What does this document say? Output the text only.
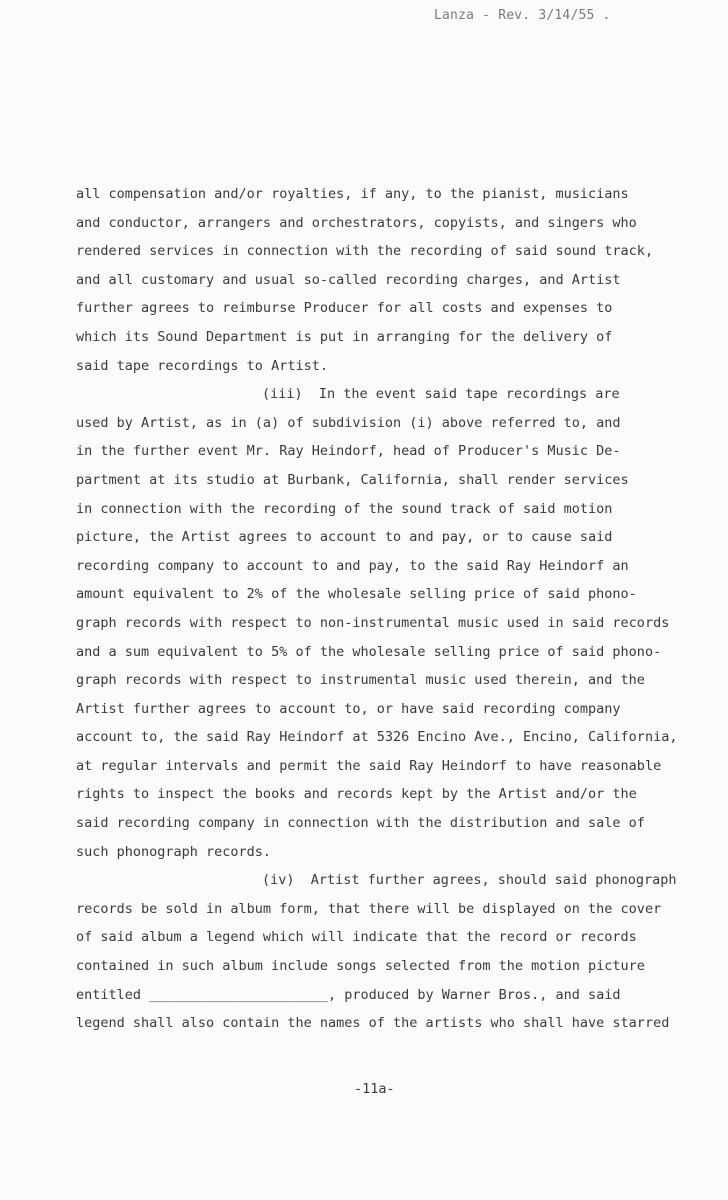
Lanza - Rev. 3/14/55 .
all compensation and/or royalties, if any, to the pianist, musicians
and conductor, arrangers and orchestrators, copyists, and singers who
rendered services in connection with the recording of said sound track,
and all customary and usual so-called recording charges, and Artist
further agrees to reimburse Producer for all costs and expenses to
which its Sound Department is put in arranging for the delivery of
said tape recordings to Artist.
(iii)  In the event said tape recordings are
used by Artist, as in (a) of subdivision (i) above referred to, and
in the further event Mr. Ray Heindorf, head of Producer's Music De-
partment at its studio at Burbank, California, shall render services
in connection with the recording of the sound track of said motion
picture, the Artist agrees to account to and pay, or to cause said
recording company to account to and pay, to the said Ray Heindorf an
amount equivalent to 2% of the wholesale selling price of said phono-
graph records with respect to non-instrumental music used in said records
and a sum equivalent to 5% of the wholesale selling price of said phono-
graph records with respect to instrumental music used therein, and the
Artist further agrees to account to, or have said recording company
account to, the said Ray Heindorf at 5326 Encino Ave., Encino, California,
at regular intervals and permit the said Ray Heindorf to have reasonable
rights to inspect the books and records kept by the Artist and/or the
said recording company in connection with the distribution and sale of
such phonograph records.
(iv)  Artist further agrees, should said phonograph
records be sold in album form, that there will be displayed on the cover
of said album a legend which will indicate that the record or records
contained in such album include songs selected from the motion picture
entitled ______________________, produced by Warner Bros., and said
legend shall also contain the names of the artists who shall have starred
-11a-
